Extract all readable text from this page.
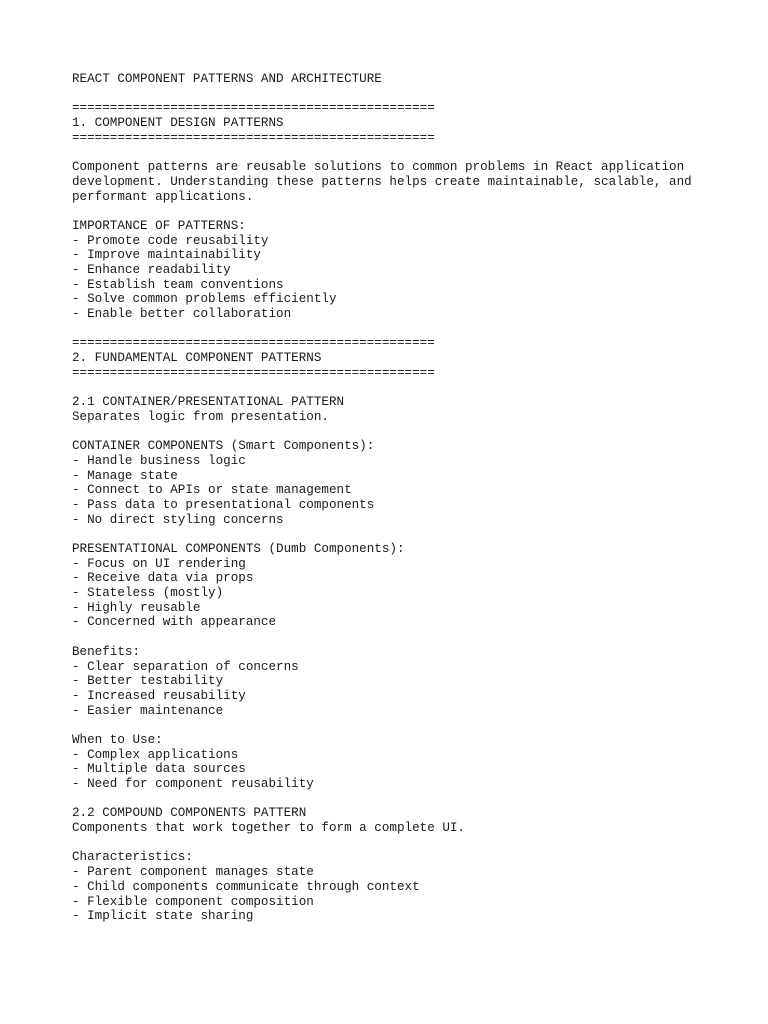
REACT COMPONENT PATTERNS AND ARCHITECTURE
================================================
1. COMPONENT DESIGN PATTERNS
================================================
Component patterns are reusable solutions to common problems in React application
development. Understanding these patterns helps create maintainable, scalable, and
performant applications.
IMPORTANCE OF PATTERNS:
- Promote code reusability
- Improve maintainability
- Enhance readability
- Establish team conventions
- Solve common problems efficiently
- Enable better collaboration
================================================
2. FUNDAMENTAL COMPONENT PATTERNS
================================================
2.1 CONTAINER/PRESENTATIONAL PATTERN
Separates logic from presentation.
CONTAINER COMPONENTS (Smart Components):
- Handle business logic
- Manage state
- Connect to APIs or state management
- Pass data to presentational components
- No direct styling concerns
PRESENTATIONAL COMPONENTS (Dumb Components):
- Focus on UI rendering
- Receive data via props
- Stateless (mostly)
- Highly reusable
- Concerned with appearance
Benefits:
- Clear separation of concerns
- Better testability
- Increased reusability
- Easier maintenance
When to Use:
- Complex applications
- Multiple data sources
- Need for component reusability
2.2 COMPOUND COMPONENTS PATTERN
Components that work together to form a complete UI.
Characteristics:
- Parent component manages state
- Child components communicate through context
- Flexible component composition
- Implicit state sharing
